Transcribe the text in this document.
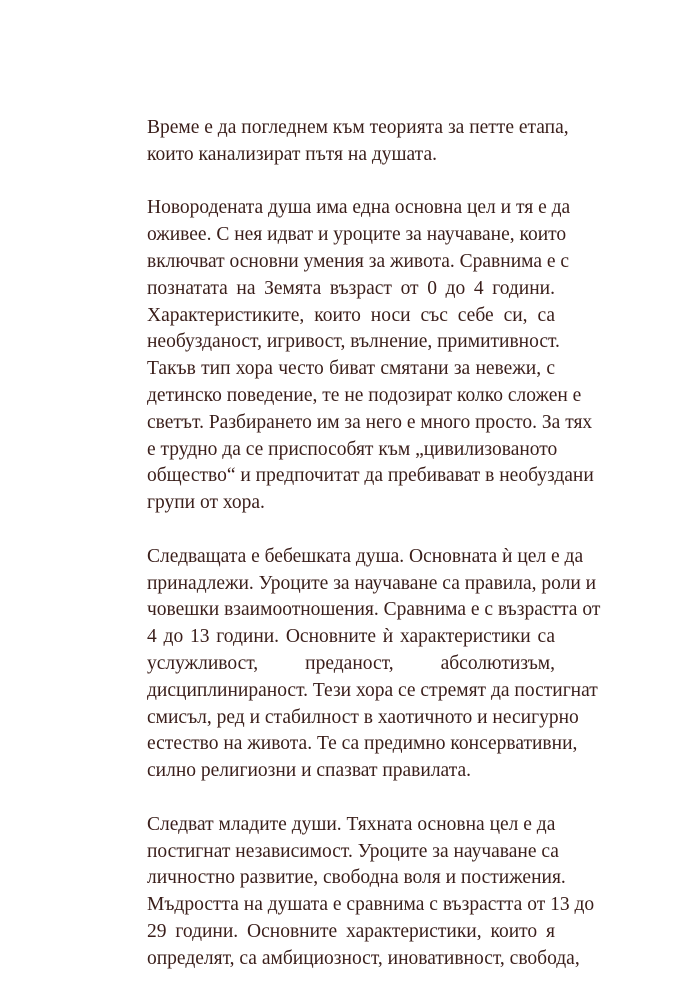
Време е да погледнем към теорията за петте етапа,
които канализират пътя на душата.
Новородената душа има една основна цел и тя е да
оживее. С нея идват и уроците за научаване, които
включват основни умения за живота. Сравнима е с
познатата на Земята възраст от 0 до 4 години.
Характеристиките, които носи със себе си, са
необузданост, игривост, вълнение, примитивност.
Такъв тип хора често биват смятани за невежи, с
детинско поведение, те не подозират колко сложен е
светът. Разбирането им за него е много просто. За тях
е трудно да се приспособят към „цивилизованото
общество“ и предпочитат да пребивават в необуздани
групи от хора.
Следващата е бебешката душа. Основната ѝ цел е да
принадлежи. Уроците за научаване са правила, роли и
човешки взаимоотношения. Сравнима е с възрастта от
4 до 13 години. Основните ѝ характеристики са
услужливост, преданост, абсолютизъм,
дисциплинираност. Тези хора се стремят да постигнат
смисъл, ред и стабилност в хаотичното и несигурно
естество на живота. Те са предимно консервативни,
силно религиозни и спазват правилата.
Следват младите души. Тяхната основна цел е да
постигнат независимост. Уроците за научаване са
личностно развитие, свободна воля и постижения.
Мъдростта на душата е сравнима с възрастта от 13 до
29 години. Основните характеристики, които я
определят, са амбициозност, иновативност, свобода,
